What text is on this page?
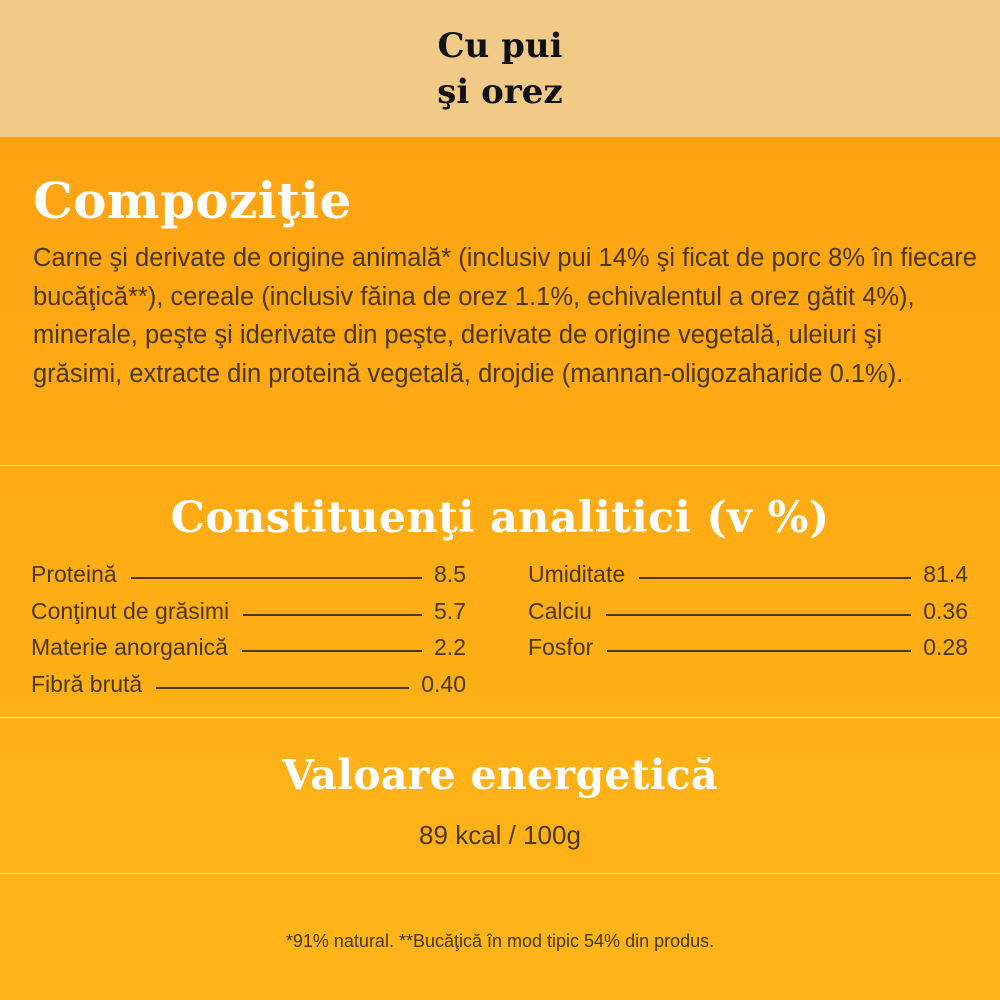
Cu pui
şi orez
Compoziţie
Carne şi derivate de origine animală* (inclusiv pui 14% şi ficat de porc 8% în fiecare bucăţică**), cereale (inclusiv făina de orez 1.1%, echivalentul a orez gătit 4%), minerale, peşte şi iderivate din peşte, derivate de origine vegetală, uleiuri şi grăsimi, extracte din proteină vegetală, drojdie (mannan-oligozaharide 0.1%).
Constituenţi analitici (v %)
Proteină	8.5
Conţinut de grăsimi	5.7
Materie anorganică	2.2
Fibră brută	0.40
Umiditate	81.4
Calciu	0.36
Fosfor	0.28
Valoare energetică
89 kcal / 100g
*91% natural. **Bucăţică în mod tipic 54% din produs.
